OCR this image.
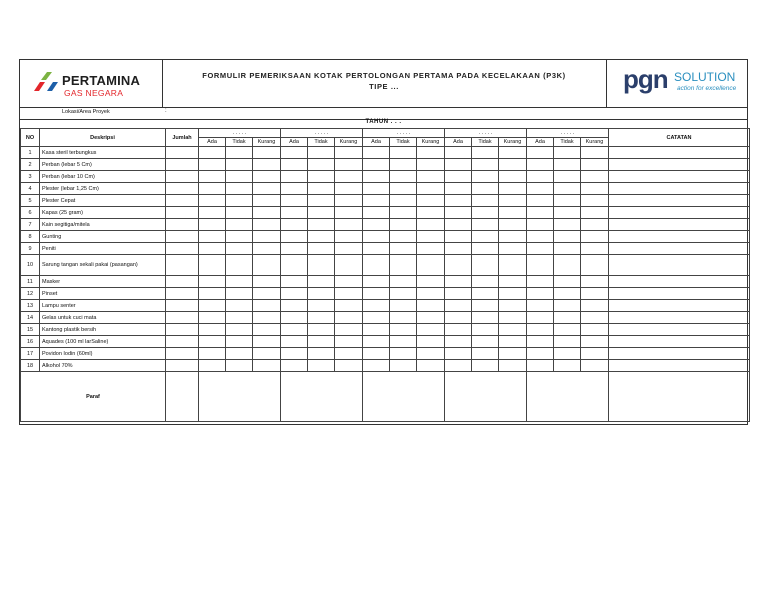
PERTAMINA
GAS NEGARA
FORMULIR PEMERIKSAAN KOTAK PERTOLONGAN PERTAMA PADA KECELAKAAN (P3K)
TIPE ...	pgn SOLUTION
action for excellence
Lokasi/Area Proyek	:
TAHUN . . .
NO	Deskripsi	Jumlah	. . . . .			. . . . .			. . . . .			. . . . .			. . . . .			CATATAN
			Ada	Tidak	Kurang	Ada	Tidak	Kurang	Ada	Tidak	Kurang	Ada	Tidak	Kurang	Ada	Tidak	Kurang	
1	Kasa steril terbungkus																	
2	Perban (lebar 5 Cm)																	
3	Perban (lebar 10 Cm)																	
4	Plester (lebar 1,25 Cm)																	
5	Plester Cepat																	
6	Kapas (25 gram)																	
7	Kain segitiga/mitela																	
8	Gunting																	
9	Peniti																	
10	Sarung tangan sekali pakai (pasangan)																	
11	Masker																	
12	Pinset																	
13	Lampu senter																	
14	Gelas untuk cuci mata																	
15	Kantong plastik bersih																	
16	Aquades (100 ml larSaline)																	
17	Povidon Iodin (60ml)																	
18	Alkohol 70%																	
Paraf																		
